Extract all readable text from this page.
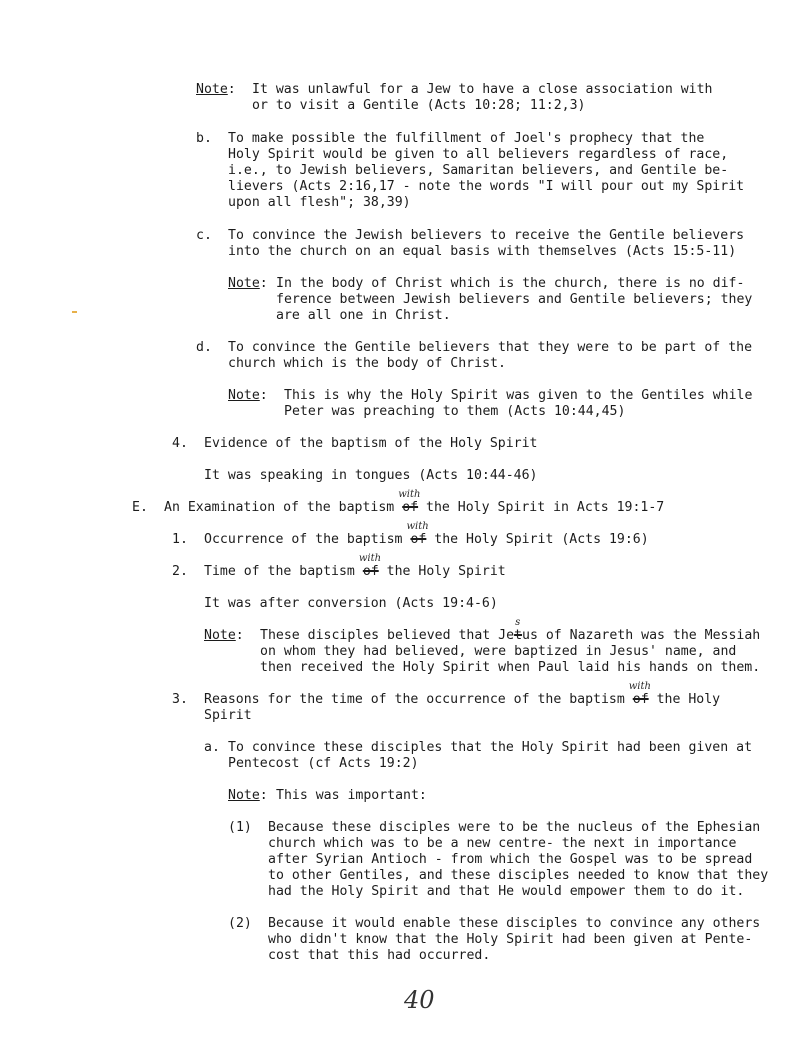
Note: It was unlawful for a Jew to have a close association with
or to visit a Gentile (Acts 10:28; 11:2,3)
b. To make possible the fulfillment of Joel's prophecy that the
Holy Spirit would be given to all believers regardless of race,
i.e., to Jewish believers, Samaritan believers, and Gentile be-
lievers (Acts 2:16,17 - note the words "I will pour out my Spirit
upon all flesh"; 38,39)
c. To convince the Jewish believers to receive the Gentile believers
into the church on an equal basis with themselves (Acts 15:5-11)
Note: In the body of Christ which is the church, there is no dif-
ference between Jewish believers and Gentile believers; they
are all one in Christ.
d. To convince the Gentile believers that they were to be part of the
church which is the body of Christ.
Note: This is why the Holy Spirit was given to the Gentiles while
Peter was preaching to them (Acts 10:44,45)
4. Evidence of the baptism of the Holy Spirit
It was speaking in tongues (Acts 10:44-46)
E. An Examination of the baptism of
with
the Holy Spirit in Acts 19:1-7
1. Occurrence of the baptism of
with
the Holy Spirit (Acts 19:6)
2. Time of the baptism of
with
the Holy Spirit
It was after conversion (Acts 19:4-6)
Note: These disciples believed that Jet
s
us of Nazareth was the Messiah
on whom they had believed, were baptized in Jesus' name, and
then received the Holy Spirit when Paul laid his hands on them.
3. Reasons for the time of the occurrence of the baptism of
with
the Holy
Spirit
a. To convince these disciples that the Holy Spirit had been given at
Pentecost (cf Acts 19:2)
Note: This was important:
(1) Because these disciples were to be the nucleus of the Ephesian
church which was to be a new centre- the next in importance
after Syrian Antioch - from which the Gospel was to be spread
to other Gentiles, and these disciples needed to know that they
had the Holy Spirit and that He would empower them to do it.
(2) Because it would enable these disciples to convince any others
who didn't know that the Holy Spirit had been given at Pente-
cost that this had occurred.
40
